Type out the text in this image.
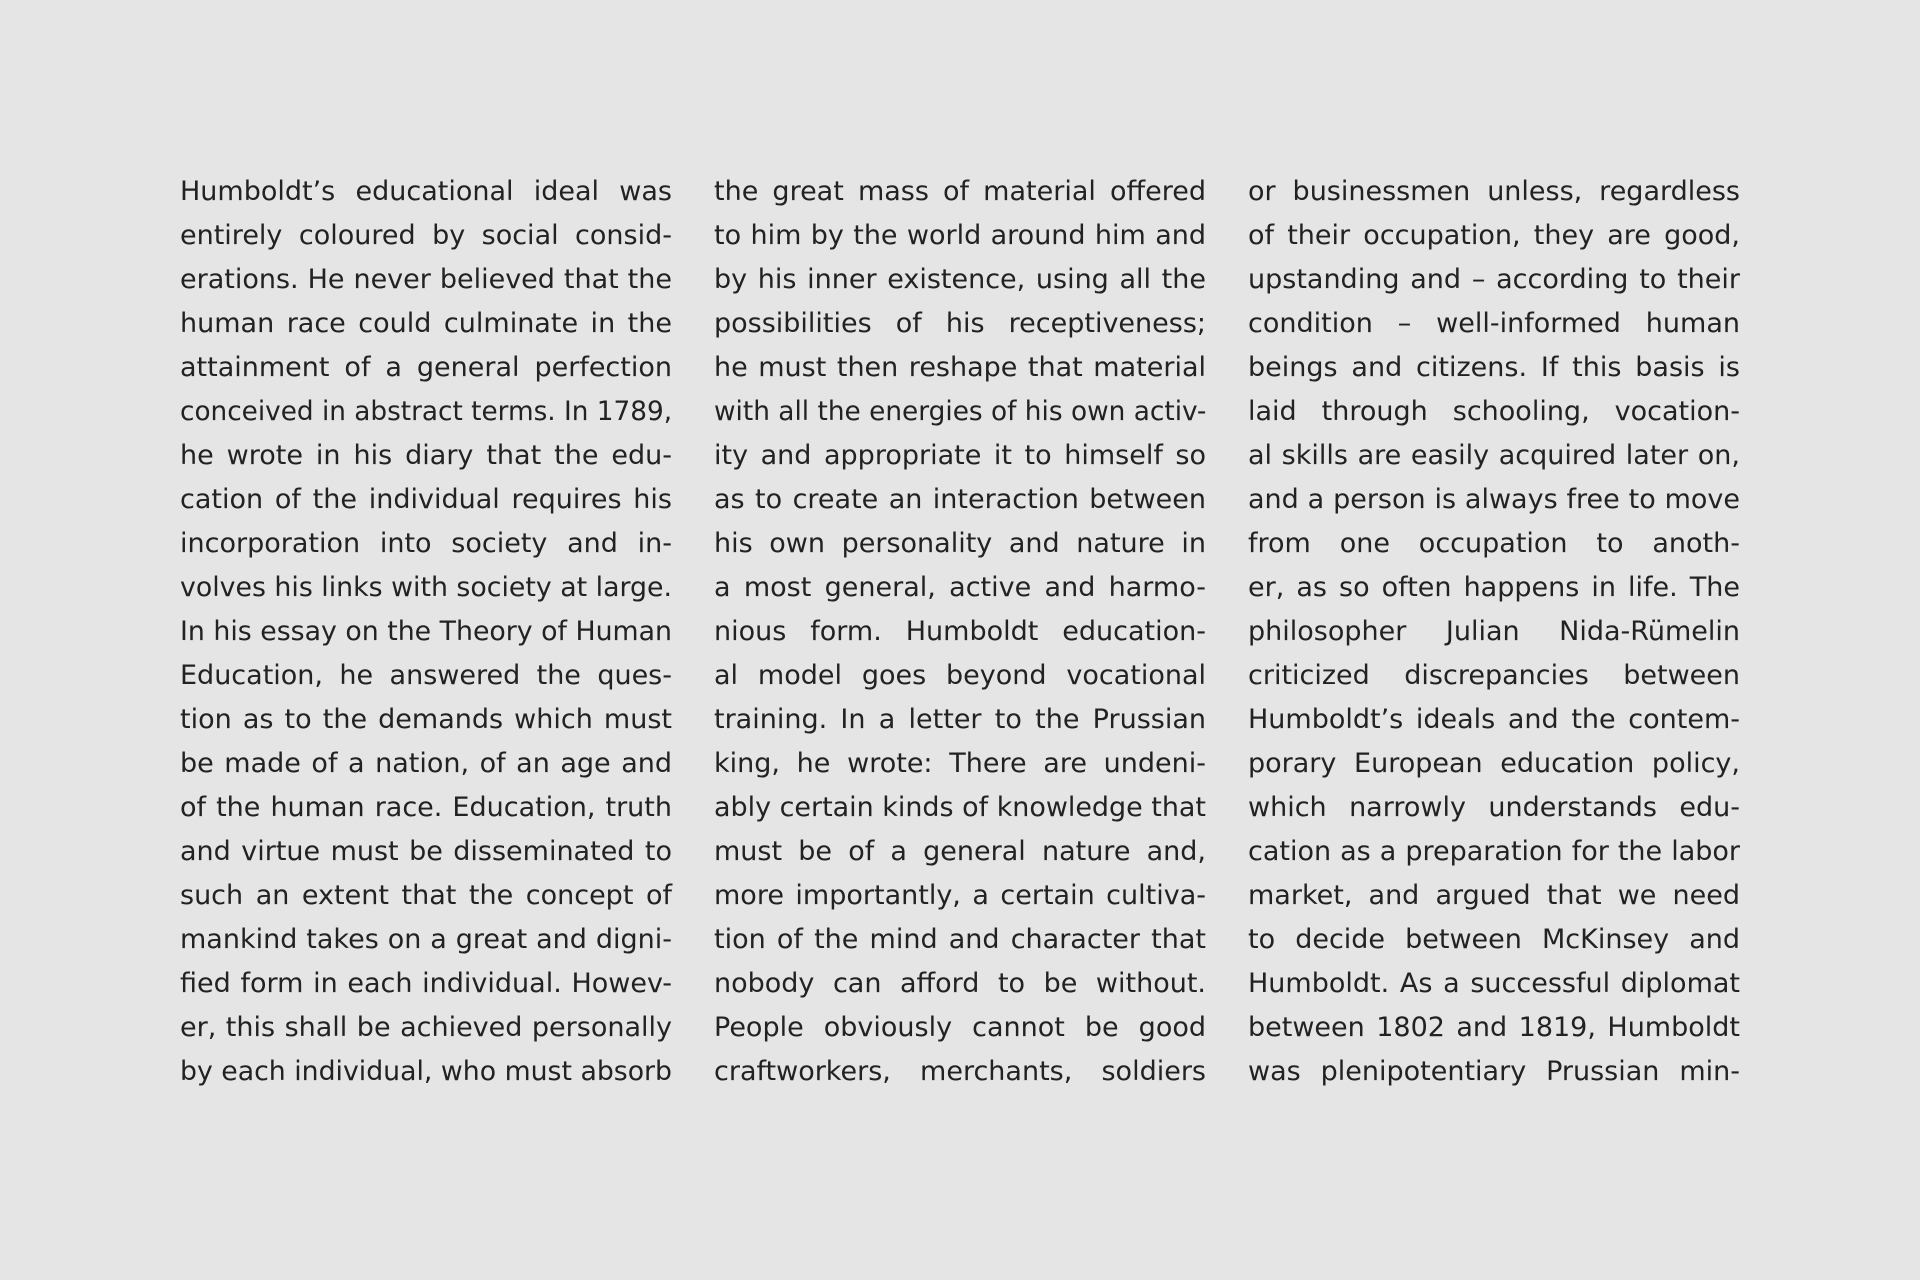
Humboldt’s educational ideal was
entirely coloured by social consid-
erations. He never believed that the
human race could culminate in the
attainment of a general perfection
conceived in abstract terms. In 1789,
he wrote in his diary that the edu-
cation of the individual requires his
incorporation into society and in-
volves his links with society at large.
In his essay on the Theory of Human
Education, he answered the ques-
tion as to the demands which must
be made of a nation, of an age and
of the human race. Education, truth
and virtue must be disseminated to
such an extent that the concept of
mankind takes on a great and digni-
fied form in each individual. Howev-
er, this shall be achieved personally
by each individual, who must absorb
the great mass of material offered
to him by the world around him and
by his inner existence, using all the
possibilities of his receptiveness;
he must then reshape that material
with all the energies of his own activ-
ity and appropriate it to himself so
as to create an interaction between
his own personality and nature in
a most general, active and harmo-
nious form. Humboldt education-
al model goes beyond vocational
training. In a letter to the Prussian
king, he wrote: There are undeni-
ably certain kinds of knowledge that
must be of a general nature and,
more importantly, a certain cultiva-
tion of the mind and character that
nobody can afford to be without.
People obviously cannot be good
craftworkers, merchants, soldiers
or businessmen unless, regardless
of their occupation, they are good,
upstanding and – according to their
condition – well-informed human
beings and citizens. If this basis is
laid through schooling, vocation-
al skills are easily acquired later on,
and a person is always free to move
from one occupation to anoth-
er, as so often happens in life. The
philosopher Julian Nida-Rümelin
criticized discrepancies between
Humboldt’s ideals and the contem-
porary European education policy,
which narrowly understands edu-
cation as a preparation for the labor
market, and argued that we need
to decide between McKinsey and
Humboldt. As a successful diplomat
between 1802 and 1819, Humboldt
was plenipotentiary Prussian min-
